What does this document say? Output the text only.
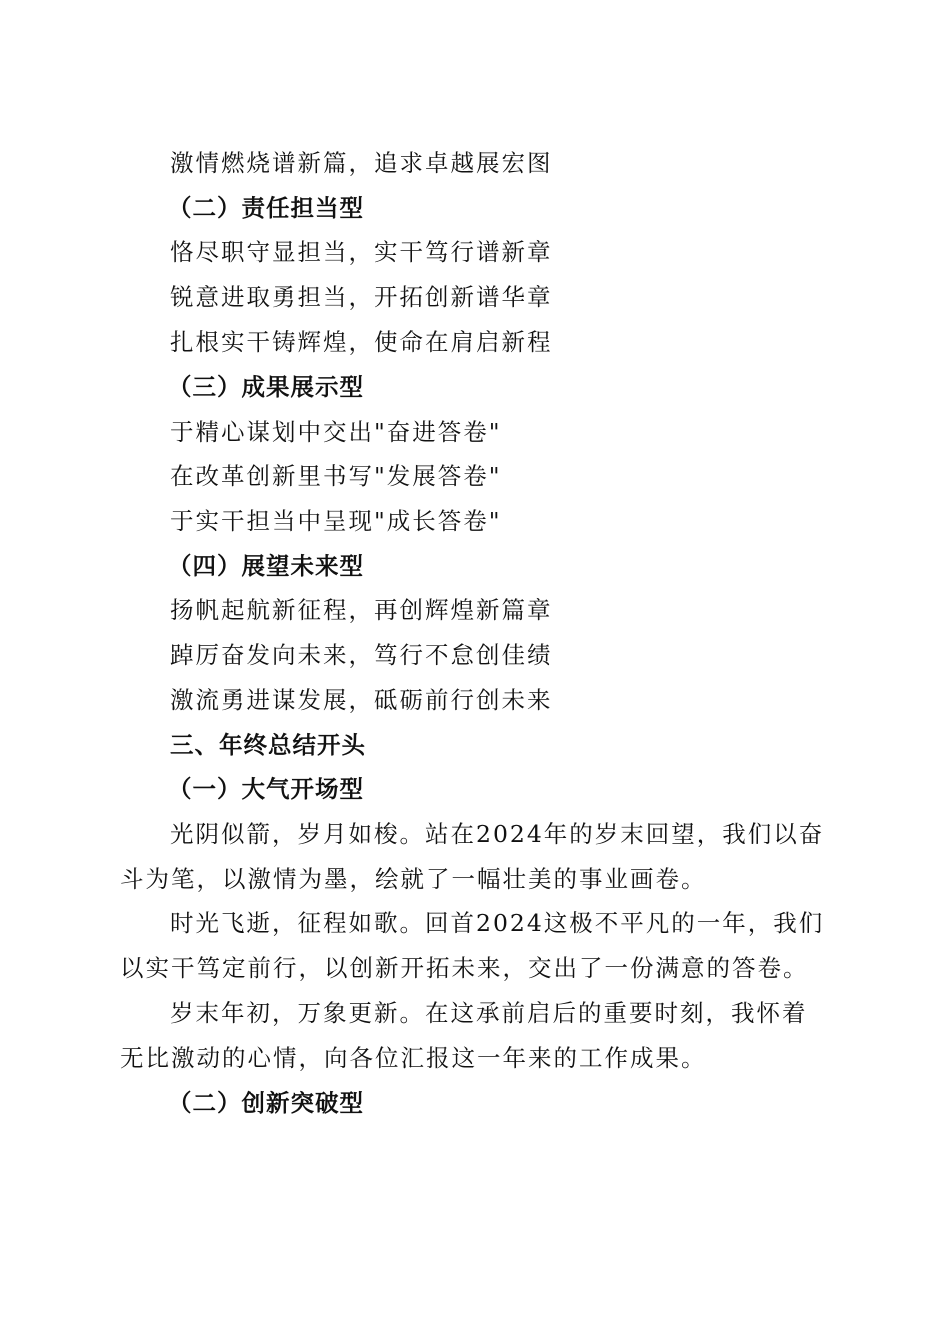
激情燃烧谱新篇，追求卓越展宏图
（二）责任担当型
恪尽职守显担当，实干笃行谱新章
锐意进取勇担当，开拓创新谱华章
扎根实干铸辉煌，使命在肩启新程
（三）成果展示型
于精心谋划中交出"奋进答卷"
在改革创新里书写"发展答卷"
于实干担当中呈现"成长答卷"
（四）展望未来型
扬帆起航新征程，再创辉煌新篇章
踔厉奋发向未来，笃行不怠创佳绩
激流勇进谋发展，砥砺前行创未来
三、年终总结开头
（一）大气开场型
光阴似箭，岁月如梭。站在2024年的岁末回望，我们以奋
斗为笔，以激情为墨，绘就了一幅壮美的事业画卷。
时光飞逝，征程如歌。回首2024这极不平凡的一年，我们
以实干笃定前行，以创新开拓未来，交出了一份满意的答卷。
岁末年初，万象更新。在这承前启后的重要时刻，我怀着
无比激动的心情，向各位汇报这一年来的工作成果。
（二）创新突破型
